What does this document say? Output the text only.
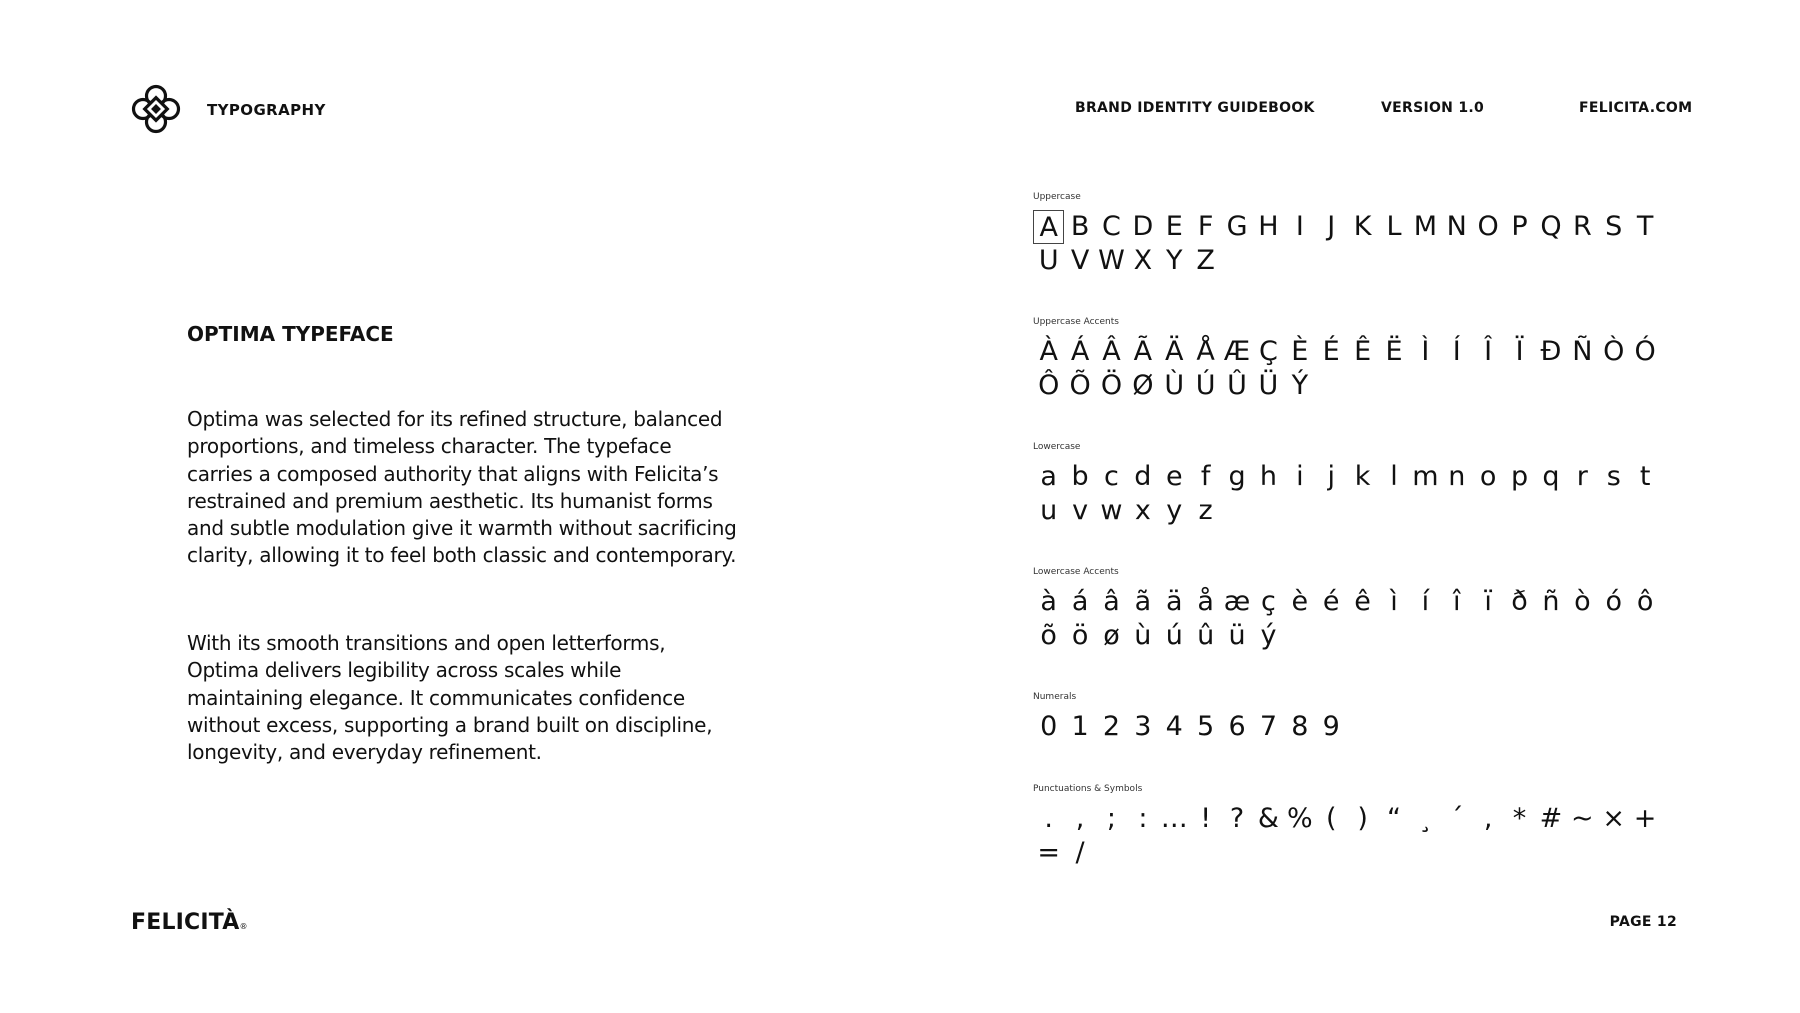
TYPOGRAPHY	BRAND IDENTITY GUIDEBOOK	VERSION 1.0	FELICITA.COM
OPTIMA TYPEFACE

Optima was selected for its refined structure, balanced proportions, and timeless character. The typeface carries a composed authority that aligns with Felicita’s restrained and premium aesthetic. Its humanist forms and subtle modulation give it warmth without sacrificing clarity, allowing it to feel both classic and contemporary.

With its smooth transitions and open letterforms, Optima delivers legibility across scales while maintaining elegance. It communicates confidence without excess, supporting a brand built on discipline, longevity, and everyday refinement.

Uppercase
A B C D E F G H I J K L M N O P Q R S T
U V W X Y Z
Uppercase Accents
À Á Â Ã Ä Å Æ Ç È É Ê Ë Ì Í Î Ï Ð Ñ Ò Ó
Ô Õ Ö Ø Ù Ú Û Ü Ý
Lowercase
a b c d e f g h i j k l m n o p q r s t
u v w x y z
Lowercase Accents
à á â ã ä å æ ç è é ê ì í î ï ð ñ ò ó ô
õ ö ø ù ú û ü ý
Numerals
0 1 2 3 4 5 6 7 8 9
Punctuations & Symbols
. , ; : … ! ? & % ( ) “ ¸ ´ , * # ~ × +
= /
FELICITÀ®	PAGE 12
